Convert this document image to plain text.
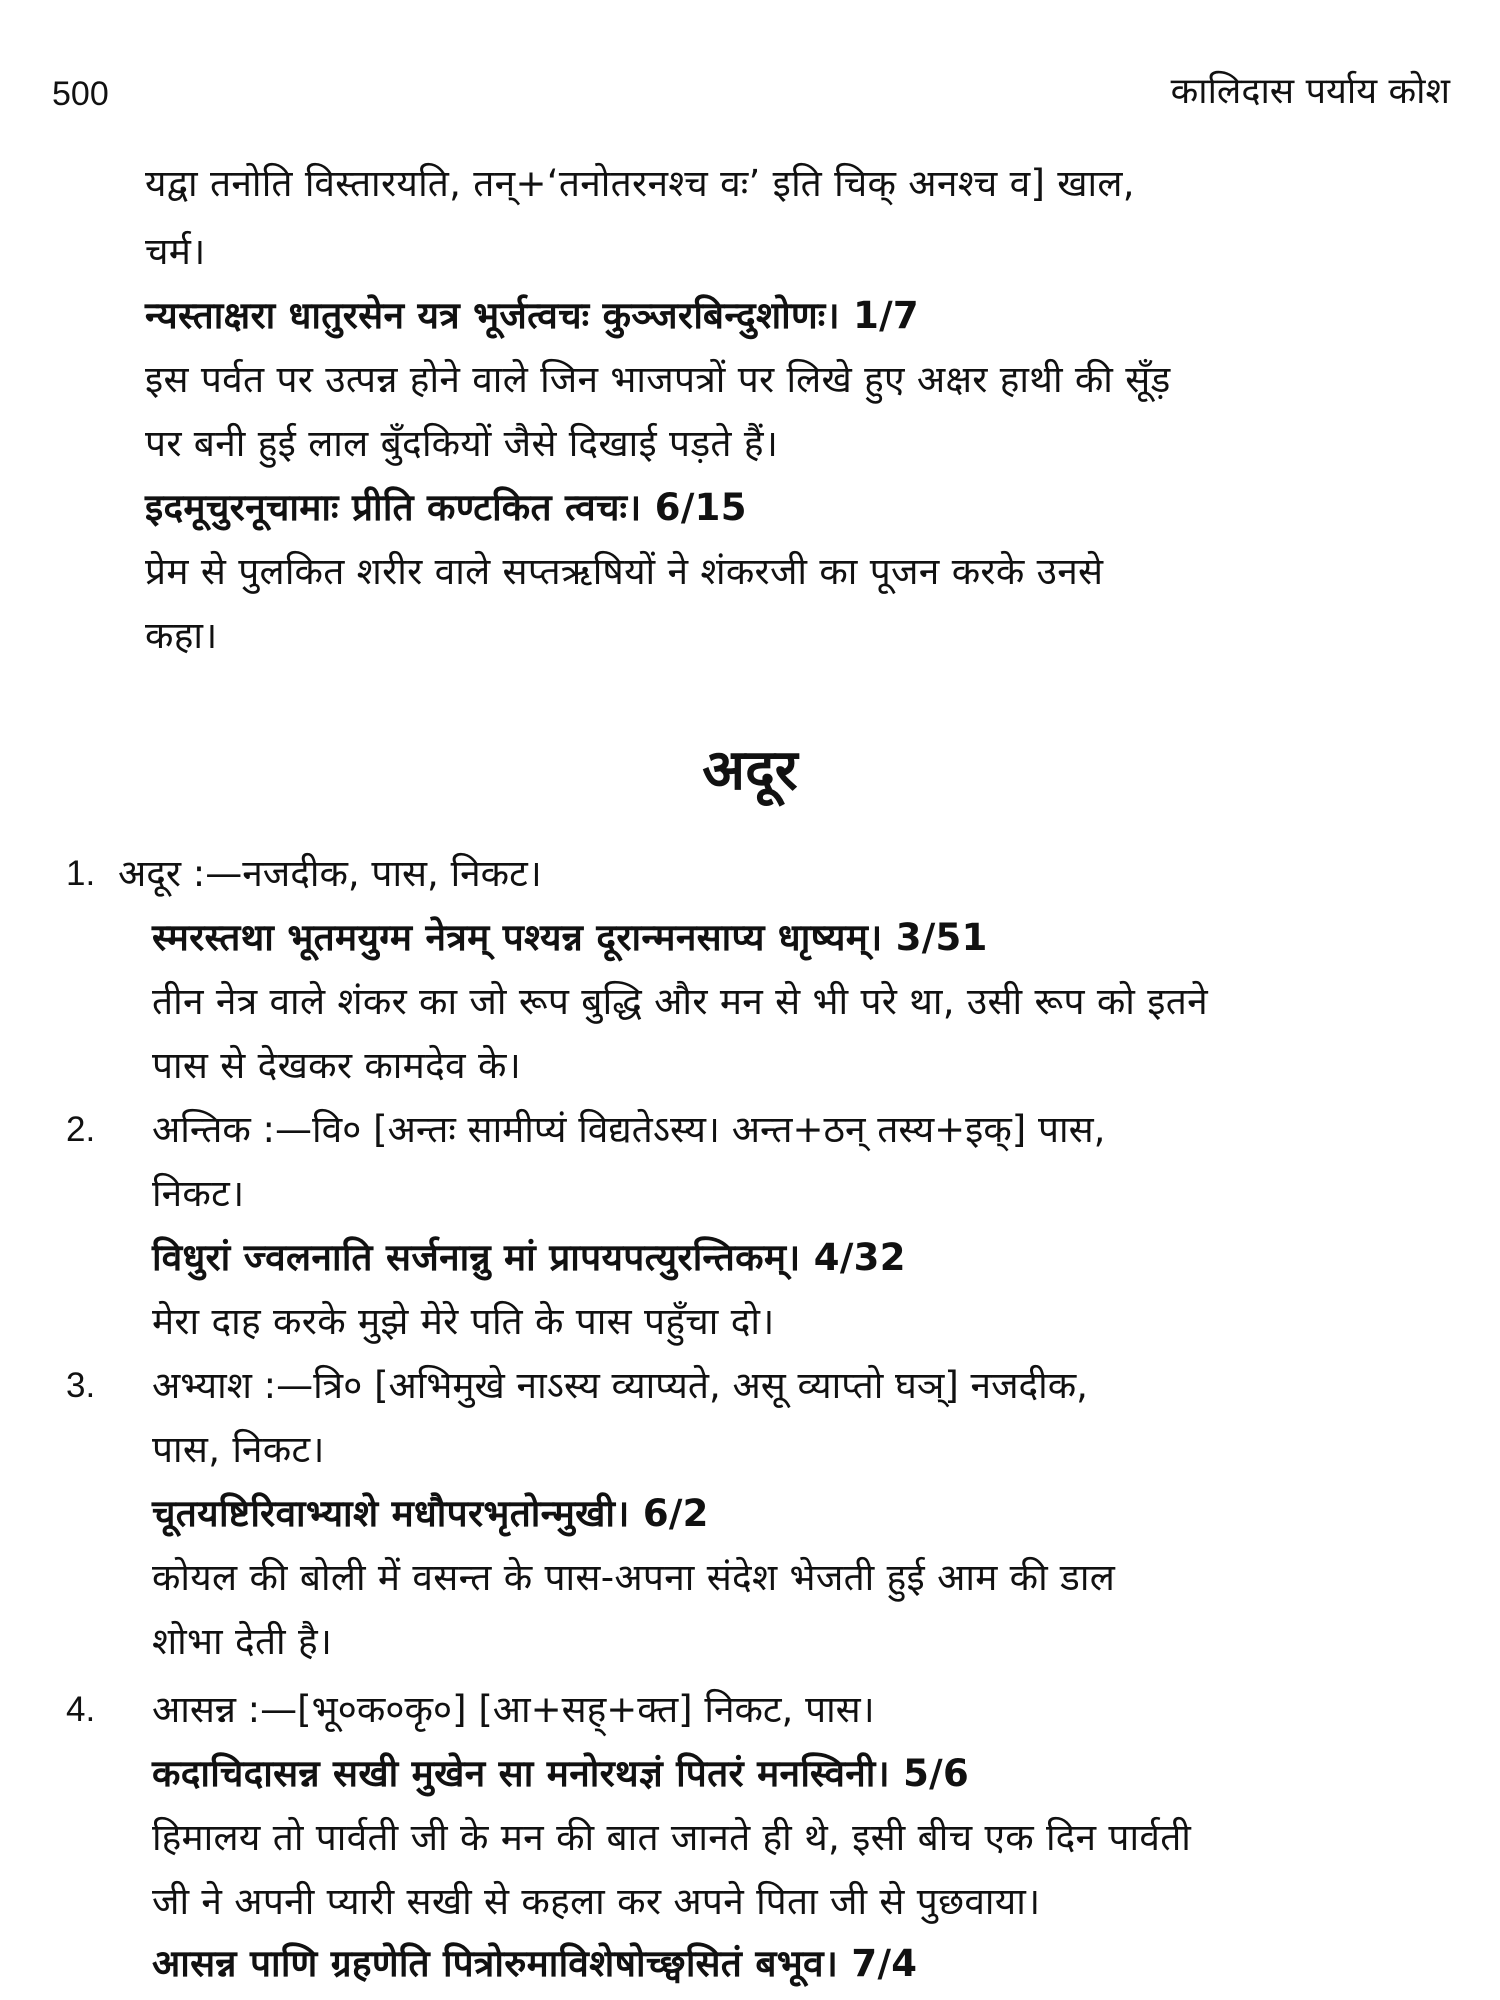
500	कालिदास पर्याय कोश
यद्वा तनोति विस्तारयति, तन्+‘तनोतरनश्च वः’ इति चिक् अनश्च व] खाल,
चर्म।
न्यस्ताक्षरा धातुरसेन यत्र भूर्जत्वचः कुञ्जरबिन्दुशोणः। 1/7
इस पर्वत पर उत्पन्न होने वाले जिन भाजपत्रों पर लिखे हुए अक्षर हाथी की सूँड़
पर बनी हुई लाल बुँदकियों जैसे दिखाई पड़ते हैं।
इदमूचुरनूचामाः प्रीति कण्टकित त्वचः। 6/15
प्रेम से पुलकित शरीर वाले सप्तऋषियों ने शंकरजी का पूजन करके उनसे
कहा।
अदूर
1. अदूर :—नजदीक, पास, निकट।
स्मरस्तथा भूतमयुग्म नेत्रम् पश्यन्न दूरान्मनसाप्य धाृष्यम्। 3/51
तीन नेत्र वाले शंकर का जो रूप बुद्धि और मन से भी परे था, उसी रूप को इतने
पास से देखकर कामदेव के।
2. अन्तिक :—वि० [अन्तः सामीप्यं विद्यतेऽस्य। अन्त+ठन् तस्य+इक्] पास,
निकट।
विधुरां ज्वलनाति सर्जनान्नु मां प्रापयपत्युरन्तिकम्। 4/32
मेरा दाह करके मुझे मेरे पति के पास पहुँचा दो।
3. अभ्याश :—त्रि० [अभिमुखे नाऽस्य व्याप्यते, असू व्याप्तो घञ्] नजदीक,
पास, निकट।
चूतयष्टिरिवाभ्याशे मधौपरभृतोन्मुखी। 6/2
कोयल की बोली में वसन्त के पास-अपना संदेश भेजती हुई आम की डाल
शोभा देती है।
4. आसन्न :—[भू०क०कृ०] [आ+सह्+क्त] निकट, पास।
कदाचिदासन्न सखी मुखेन सा मनोरथज्ञं पितरं मनस्विनी। 5/6
हिमालय तो पार्वती जी के मन की बात जानते ही थे, इसी बीच एक दिन पार्वती
जी ने अपनी प्यारी सखी से कहला कर अपने पिता जी से पुछवाया।
आसन्न पाणि ग्रहणेति पित्रोरुमाविशेषोच्छ्वसितं बभूव। 7/4
